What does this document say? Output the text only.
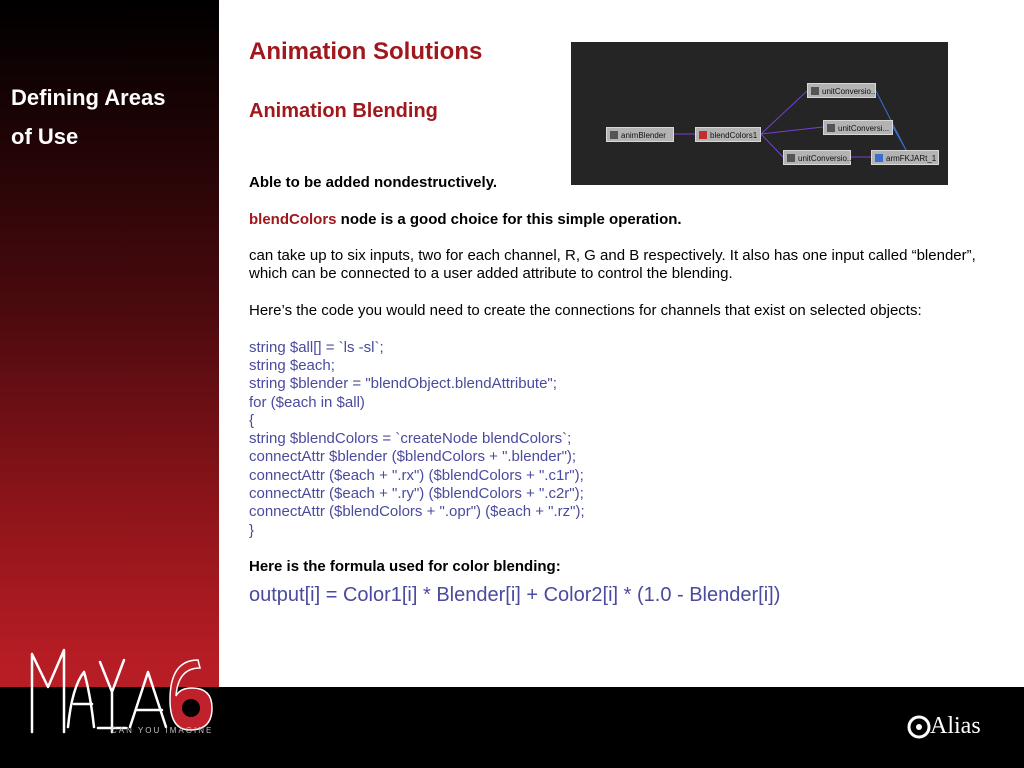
Defining Areas
of Use
CAN YOU IMAGINE	Alias
Animation Solutions
Animation Blending
animBlender	blendColors1
unitConversio...
unitConversi...
unitConversio...	armFKJARt_1

Able to be added nondestructively.

blendColors node is a good choice for this simple operation.

can take up to six inputs, two for each channel, R, G and B respectively. It also has one input called “blender”, which can be connected to a user added attribute to control the blending.

Here’s the code you would need to create the connections for channels that exist on selected objects:

string $all[] = `ls -sl`;
string $each;
string $blender = "blendObject.blendAttribute";
for ($each in $all)
{
string $blendColors = `createNode blendColors`;
connectAttr $blender ($blendColors + ".blender");
connectAttr ($each + ".rx") ($blendColors + ".c1r");
connectAttr ($each + ".ry") ($blendColors + ".c2r");
connectAttr ($blendColors + ".opr") ($each + ".rz");
}

Here is the formula used for color blending:

output[i] = Color1[i] * Blender[i] + Color2[i] * (1.0 - Blender[i])
